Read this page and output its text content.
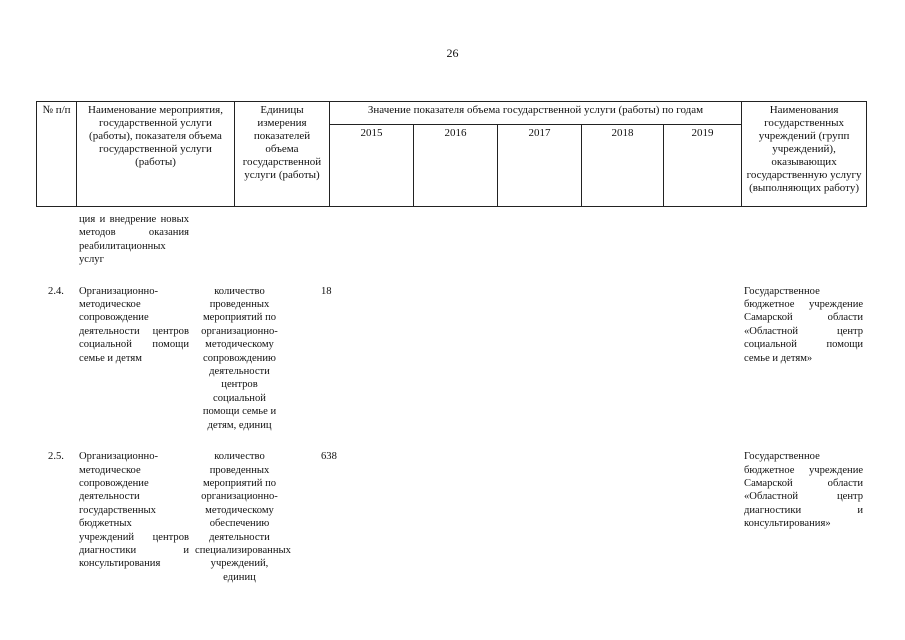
26
№ п/п	Наименование мероприятия, государственной услуги (работы), показателя объема государственной услуги (работы)	Единицы измерения показателей объема государственной услуги (работы)	Значение показателя объема государственной услуги (работы) по годам					Наименования государственных учреждений (групп учреждений), оказывающих государственную услугу (выполняющих работу)
			2015	2016	2017	2018	2019	
	ция и внедрение новых методов оказания реабилитационных услуг							

2.4.	Организационно-методическое сопровождение деятельности центров социальной помощи семье и детям	количество проведенных мероприятий по организационно-методическому сопровождению деятельности центров социальной помощи семье и детям, единиц	18					Государственное бюджетное учреждение Самарской области «Областной центр социальной помощи семье и детям»

2.5.	Организационно-методическое сопровождение деятельности государственных бюджетных учреждений центров диагностики и консультирования	количество проведенных мероприятий по организационно-методическому обеспечению деятельности специализированных учреждений, единиц	638					Государственное бюджетное учреждение Самарской области «Областной центр диагностики и консультирования»
